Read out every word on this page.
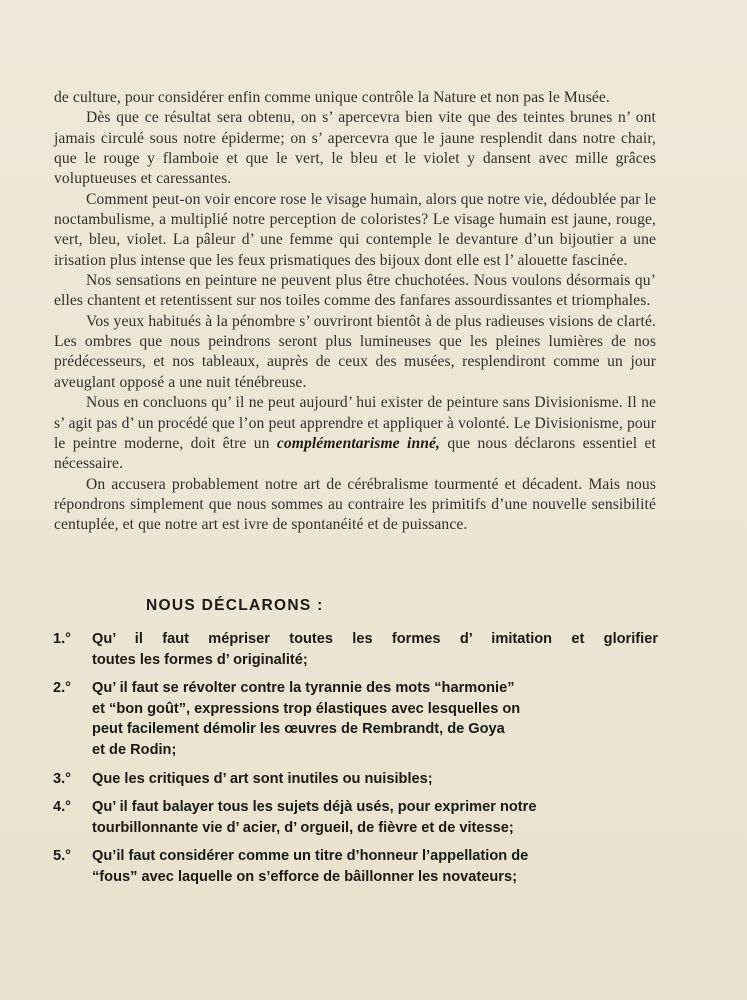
de culture, pour considérer enfin comme unique contrôle la Nature et non pas le Musée.

Dès que ce résultat sera obtenu, on s’ apercevra bien vite que des teintes brunes n’ ont jamais circulé sous notre épiderme; on s’ apercevra que le jaune resplendit dans notre chair, que le rouge y flamboie et que le vert, le bleu et le violet y dansent avec mille grâces voluptueuses et caressantes.

Comment peut-on voir encore rose le visage humain, alors que notre vie, dédoublée par le noctambulisme, a multiplié notre perception de coloristes? Le visage humain est jaune, rouge, vert, bleu, violet. La pâleur d’ une femme qui contemple le devanture d’un bijoutier a une irisation plus intense que les feux prismatiques des bijoux dont elle est l’ alouette fascinée.

Nos sensations en peinture ne peuvent plus être chuchotées. Nous voulons désormais qu’ elles chantent et retentissent sur nos toiles comme des fanfares assourdissantes et triomphales.

Vos yeux habitués à la pénombre s’ ouvriront bientôt à de plus radieuses visions de clarté. Les ombres que nous peindrons seront plus lumineuses que les pleines lumières de nos prédécesseurs, et nos tableaux, auprès de ceux des musées, resplendiront comme un jour aveuglant opposé a une nuit ténébreuse.

Nous en concluons qu’ il ne peut aujourd’ hui exister de peinture sans Divisionisme. Il ne s’ agit pas d’ un procédé que l’on peut apprendre et appliquer à volonté. Le Divisionisme, pour le peintre moderne, doit être un complémentarisme inné, que nous déclarons essentiel et nécessaire.

On accusera probablement notre art de cérébralisme tourmenté et décadent. Mais nous répondrons simplement que nous sommes au contraire les primitifs d’une nouvelle sensibilité centuplée, et que notre art est ivre de spontanéité et de puissance.

NOUS DÉCLARONS :
1.° Qu’ il faut mépriser toutes les formes d’ imitation et glorifier
toutes les formes d’ originalité;
2.° Qu’ il faut se révolter contre la tyrannie des mots “harmonie”
et “bon goût”, expressions trop élastiques avec lesquelles on
peut facilement démolir les œuvres de Rembrandt, de Goya
et de Rodin;
3.° Que les critiques d’ art sont inutiles ou nuisibles;
4.° Qu’ il faut balayer tous les sujets déjà usés, pour exprimer notre
tourbillonnante vie d’ acier, d’ orgueil, de fièvre et de vitesse;
5.° Qu’il faut considérer comme un titre d’honneur l’appellation de
“fous” avec laquelle on s’efforce de bâillonner les novateurs;
